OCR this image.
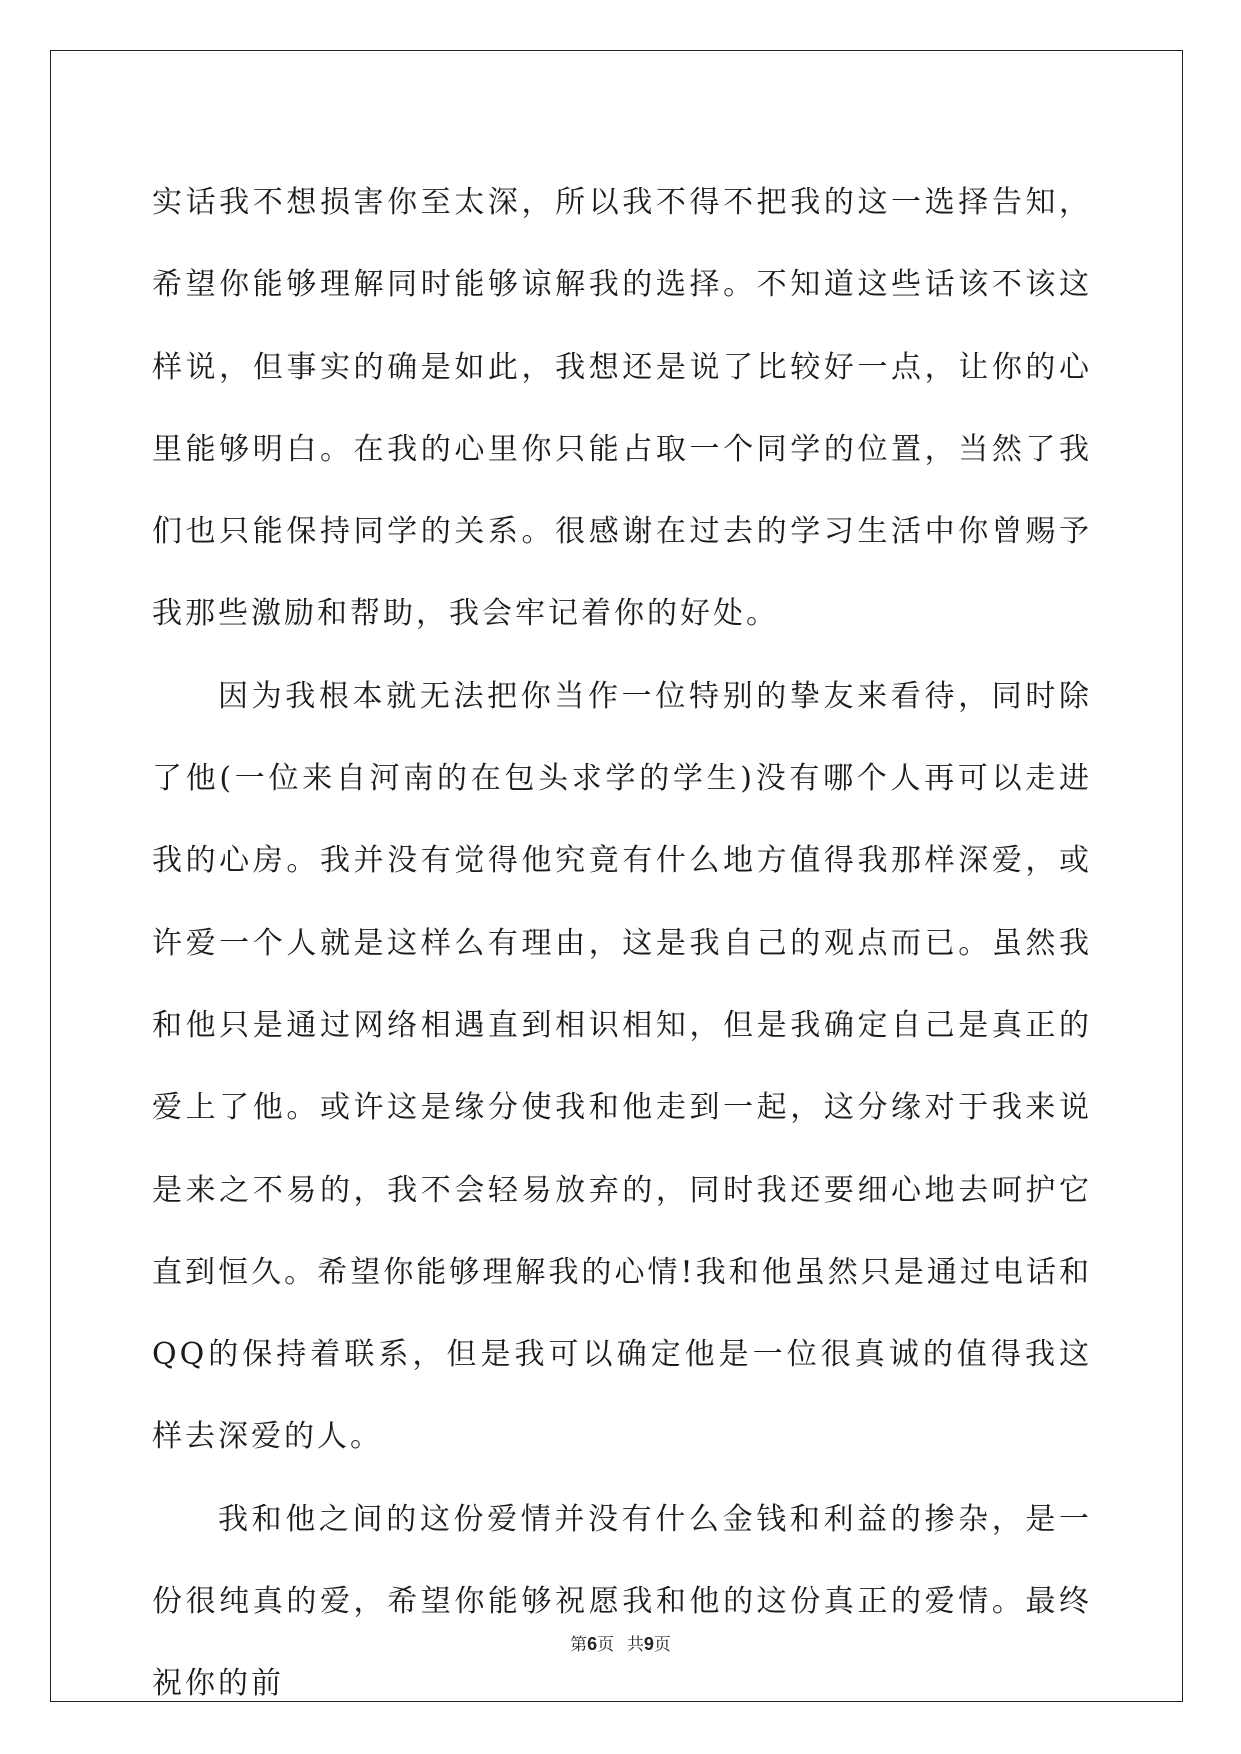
实话我不想损害你至太深，所以我不得不把我的这一选择告知，希望你能够理解同时能够谅解我的选择。不知道这些话该不该这样说，但事实的确是如此，我想还是说了比较好一点，让你的心里能够明白。在我的心里你只能占取一个同学的位置，当然了我们也只能保持同学的关系。很感谢在过去的学习生活中你曾赐予我那些激励和帮助，我会牢记着你的好处。

因为我根本就无法把你当作一位特别的挚友来看待，同时除了他(一位来自河南的在包头求学的学生)没有哪个人再可以走进我的心房。我并没有觉得他究竟有什么地方值得我那样深爱，或许爱一个人就是这样么有理由，这是我自己的观点而已。虽然我和他只是通过网络相遇直到相识相知，但是我确定自己是真正的爱上了他。或许这是缘分使我和他走到一起，这分缘对于我来说是来之不易的，我不会轻易放弃的，同时我还要细心地去呵护它直到恒久。希望你能够理解我的心情!我和他虽然只是通过电话和QQ的保持着联系，但是我可以确定他是一位很真诚的值得我这样去深爱的人。

我和他之间的这份爱情并没有什么金钱和利益的掺杂，是一份很纯真的爱，希望你能够祝愿我和他的这份真正的爱情。最终祝你的前

第6页 共9页
